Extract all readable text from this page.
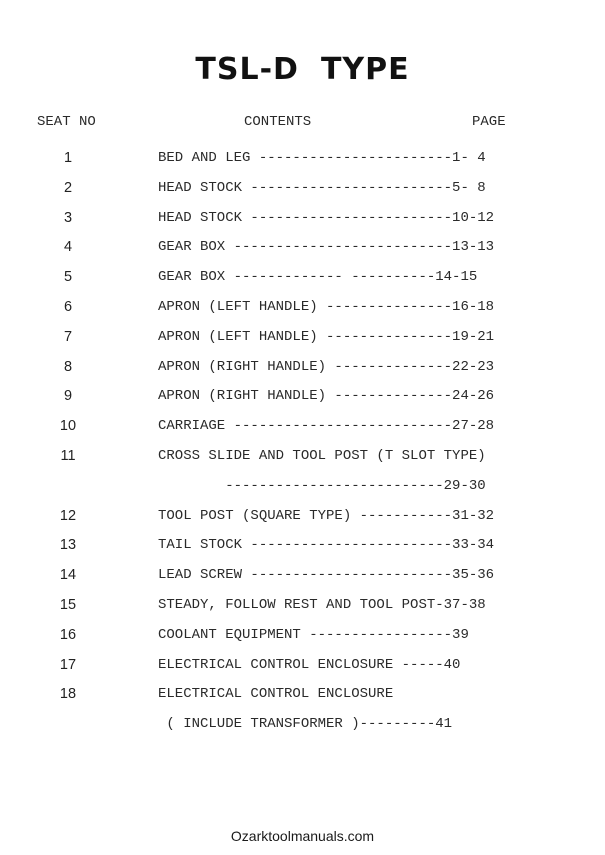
TSL-D TYPE
SEAT NO	CONTENTS	PAGE
1	BED AND LEG -----------------------1- 4
2	HEAD STOCK ------------------------5- 8
3	HEAD STOCK ------------------------10-12
4	GEAR BOX --------------------------13-13
5	GEAR BOX ------------- ----------14-15
6	APRON (LEFT HANDLE) ---------------16-18
7	APRON (LEFT HANDLE) ---------------19-21
8	APRON (RIGHT HANDLE) --------------22-23
9	APRON (RIGHT HANDLE) --------------24-26
10	CARRIAGE --------------------------27-28
11	CROSS SLIDE AND TOOL POST (T SLOT TYPE)
--------------------------29-30
12	TOOL POST (SQUARE TYPE) -----------31-32
13	TAIL STOCK ------------------------33-34
14	LEAD SCREW ------------------------35-36
15	STEADY, FOLLOW REST AND TOOL POST-37-38
16	COOLANT EQUIPMENT -----------------39
17	ELECTRICAL CONTROL ENCLOSURE -----40
18	ELECTRICAL CONTROL ENCLOSURE
( INCLUDE TRANSFORMER )---------41
Ozarktoolmanuals.com
